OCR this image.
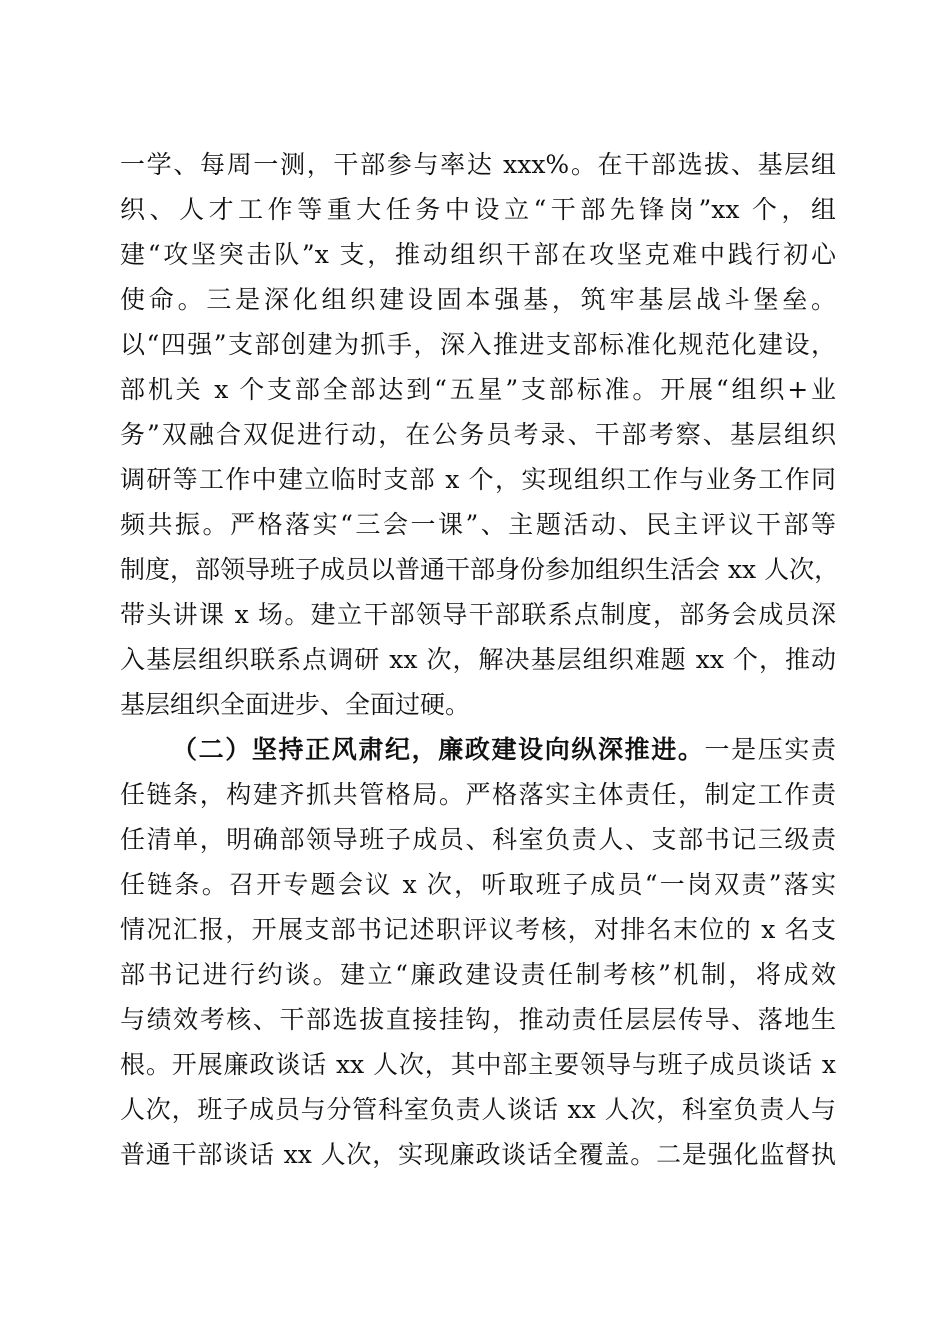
一学、每周一测，干部参与率达 xxx%。在干部选拔、基层组
织、人才工作等重大任务中设立“干部先锋岗”xx 个，组
建“攻坚突击队”x 支，推动组织干部在攻坚克难中践行初心
使命。三是深化组织建设固本强基，筑牢基层战斗堡垒。
以“四强”支部创建为抓手，深入推进支部标准化规范化建设，
部机关 x 个支部全部达到“五星”支部标准。开展“组织+业
务”双融合双促进行动，在公务员考录、干部考察、基层组织
调研等工作中建立临时支部 x 个，实现组织工作与业务工作同
频共振。严格落实“三会一课”、主题活动、民主评议干部等
制度，部领导班子成员以普通干部身份参加组织生活会 xx 人次，
带头讲课 x 场。建立干部领导干部联系点制度，部务会成员深
入基层组织联系点调研 xx 次，解决基层组织难题 xx 个，推动
基层组织全面进步、全面过硬。
（二）坚持正风肃纪，廉政建设向纵深推进。一是压实责
任链条，构建齐抓共管格局。严格落实主体责任，制定工作责
任清单，明确部领导班子成员、科室负责人、支部书记三级责
任链条。召开专题会议 x 次，听取班子成员“一岗双责”落实
情况汇报，开展支部书记述职评议考核，对排名末位的 x 名支
部书记进行约谈。建立“廉政建设责任制考核”机制，将成效
与绩效考核、干部选拔直接挂钩，推动责任层层传导、落地生
根。开展廉政谈话 xx 人次，其中部主要领导与班子成员谈话 x
人次，班子成员与分管科室负责人谈话 xx 人次，科室负责人与
普通干部谈话 xx 人次，实现廉政谈话全覆盖。二是强化监督执
